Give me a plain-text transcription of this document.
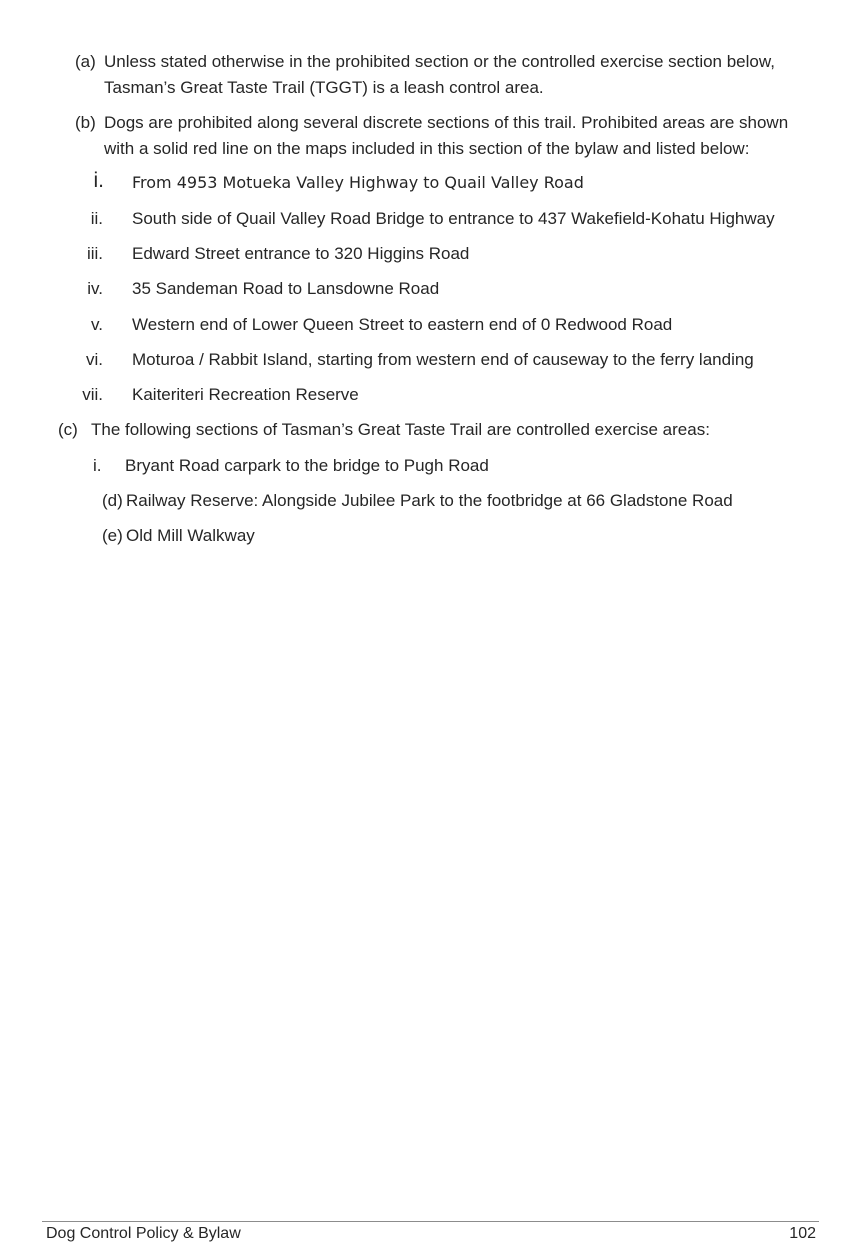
(a) Unless stated otherwise in the prohibited section or the controlled exercise section below,
Tasman’s Great Taste Trail (TGGT) is a leash control area.
(b) Dogs are prohibited along several discrete sections of this trail. Prohibited areas are shown
with a solid red line on the maps included in this section of the bylaw and listed below:
i. From 4953 Motueka Valley Highway to Quail Valley Road
ii. South side of Quail Valley Road Bridge to entrance to 437 Wakefield-Kohatu Highway
iii. Edward Street entrance to 320 Higgins Road
iv. 35 Sandeman Road to Lansdowne Road
v. Western end of Lower Queen Street to eastern end of 0 Redwood Road
vi. Moturoa / Rabbit Island, starting from western end of causeway to the ferry landing
vii. Kaiteriteri Recreation Reserve
(c) The following sections of Tasman’s Great Taste Trail are controlled exercise areas:
i. Bryant Road carpark to the bridge to Pugh Road
(d) Railway Reserve: Alongside Jubilee Park to the footbridge at 66 Gladstone Road
(e) Old Mill Walkway
Dog Control Policy & Bylaw	102
